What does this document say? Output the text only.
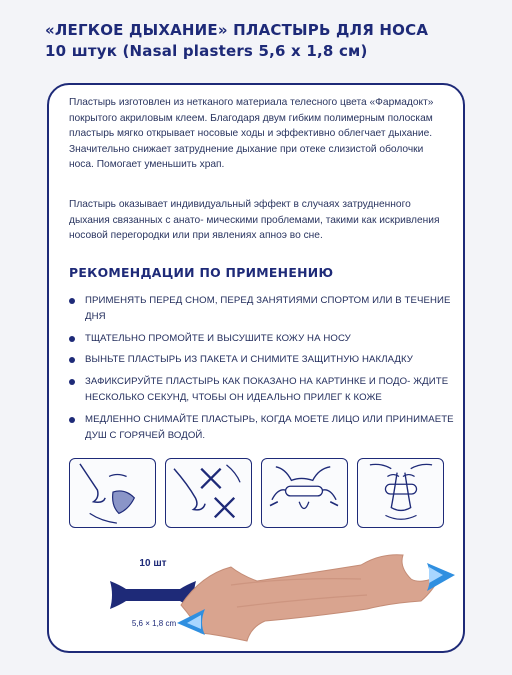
«ЛЕГКОЕ ДЫХАНИЕ» ПЛАСТЫРЬ ДЛЯ НОСА
10 штук (Nasal plasters 5,6 х 1,8 см)
Пластырь изготовлен из нетканого материала телесного цвета «Фармадокт» покрытого акриловым клеем. Благодаря двум гибким полимерным полоскам пластырь мягко открывает носовые ходы и эффективно облегчает дыхание. Значительно снижает затруднение дыхание при отеке слизистой оболочки носа. Помогает уменьшить храп.
Пластырь оказывает индивидуальный эффект в случаях затрудненного дыхания связанных с анато- мическими проблемами, такими как искривления носовой перегородки или при явлениях апноэ во сне.
РЕКОМЕНДАЦИИ ПО ПРИМЕНЕНИЮ
ПРИМЕНЯТЬ ПЕРЕД СНОМ, ПЕРЕД ЗАНЯТИЯМИ СПОРТОМ ИЛИ В ТЕЧЕНИЕ ДНЯ
ТЩАТЕЛЬНО ПРОМОЙТЕ И ВЫСУШИТЕ КОЖУ НА НОСУ
ВЫНЬТЕ ПЛАСТЫРЬ ИЗ ПАКЕТА И СНИМИТЕ ЗАЩИТНУЮ НАКЛАДКУ
ЗАФИКСИРУЙТЕ ПЛАСТЫРЬ КАК ПОКАЗАНО НА КАРТИНКЕ И ПОДО- ЖДИТЕ НЕСКОЛЬКО СЕКУНД, ЧТОБЫ ОН ИДЕАЛЬНО ПРИЛЕГ К КОЖЕ
МЕДЛЕННО СНИМАЙТЕ ПЛАСТЫРЬ, КОГДА МОЕТЕ ЛИЦО ИЛИ ПРИНИМАЕТЕ ДУШ С ГОРЯЧЕЙ ВОДОЙ.
10 шт
5,6 × 1,8 cm
